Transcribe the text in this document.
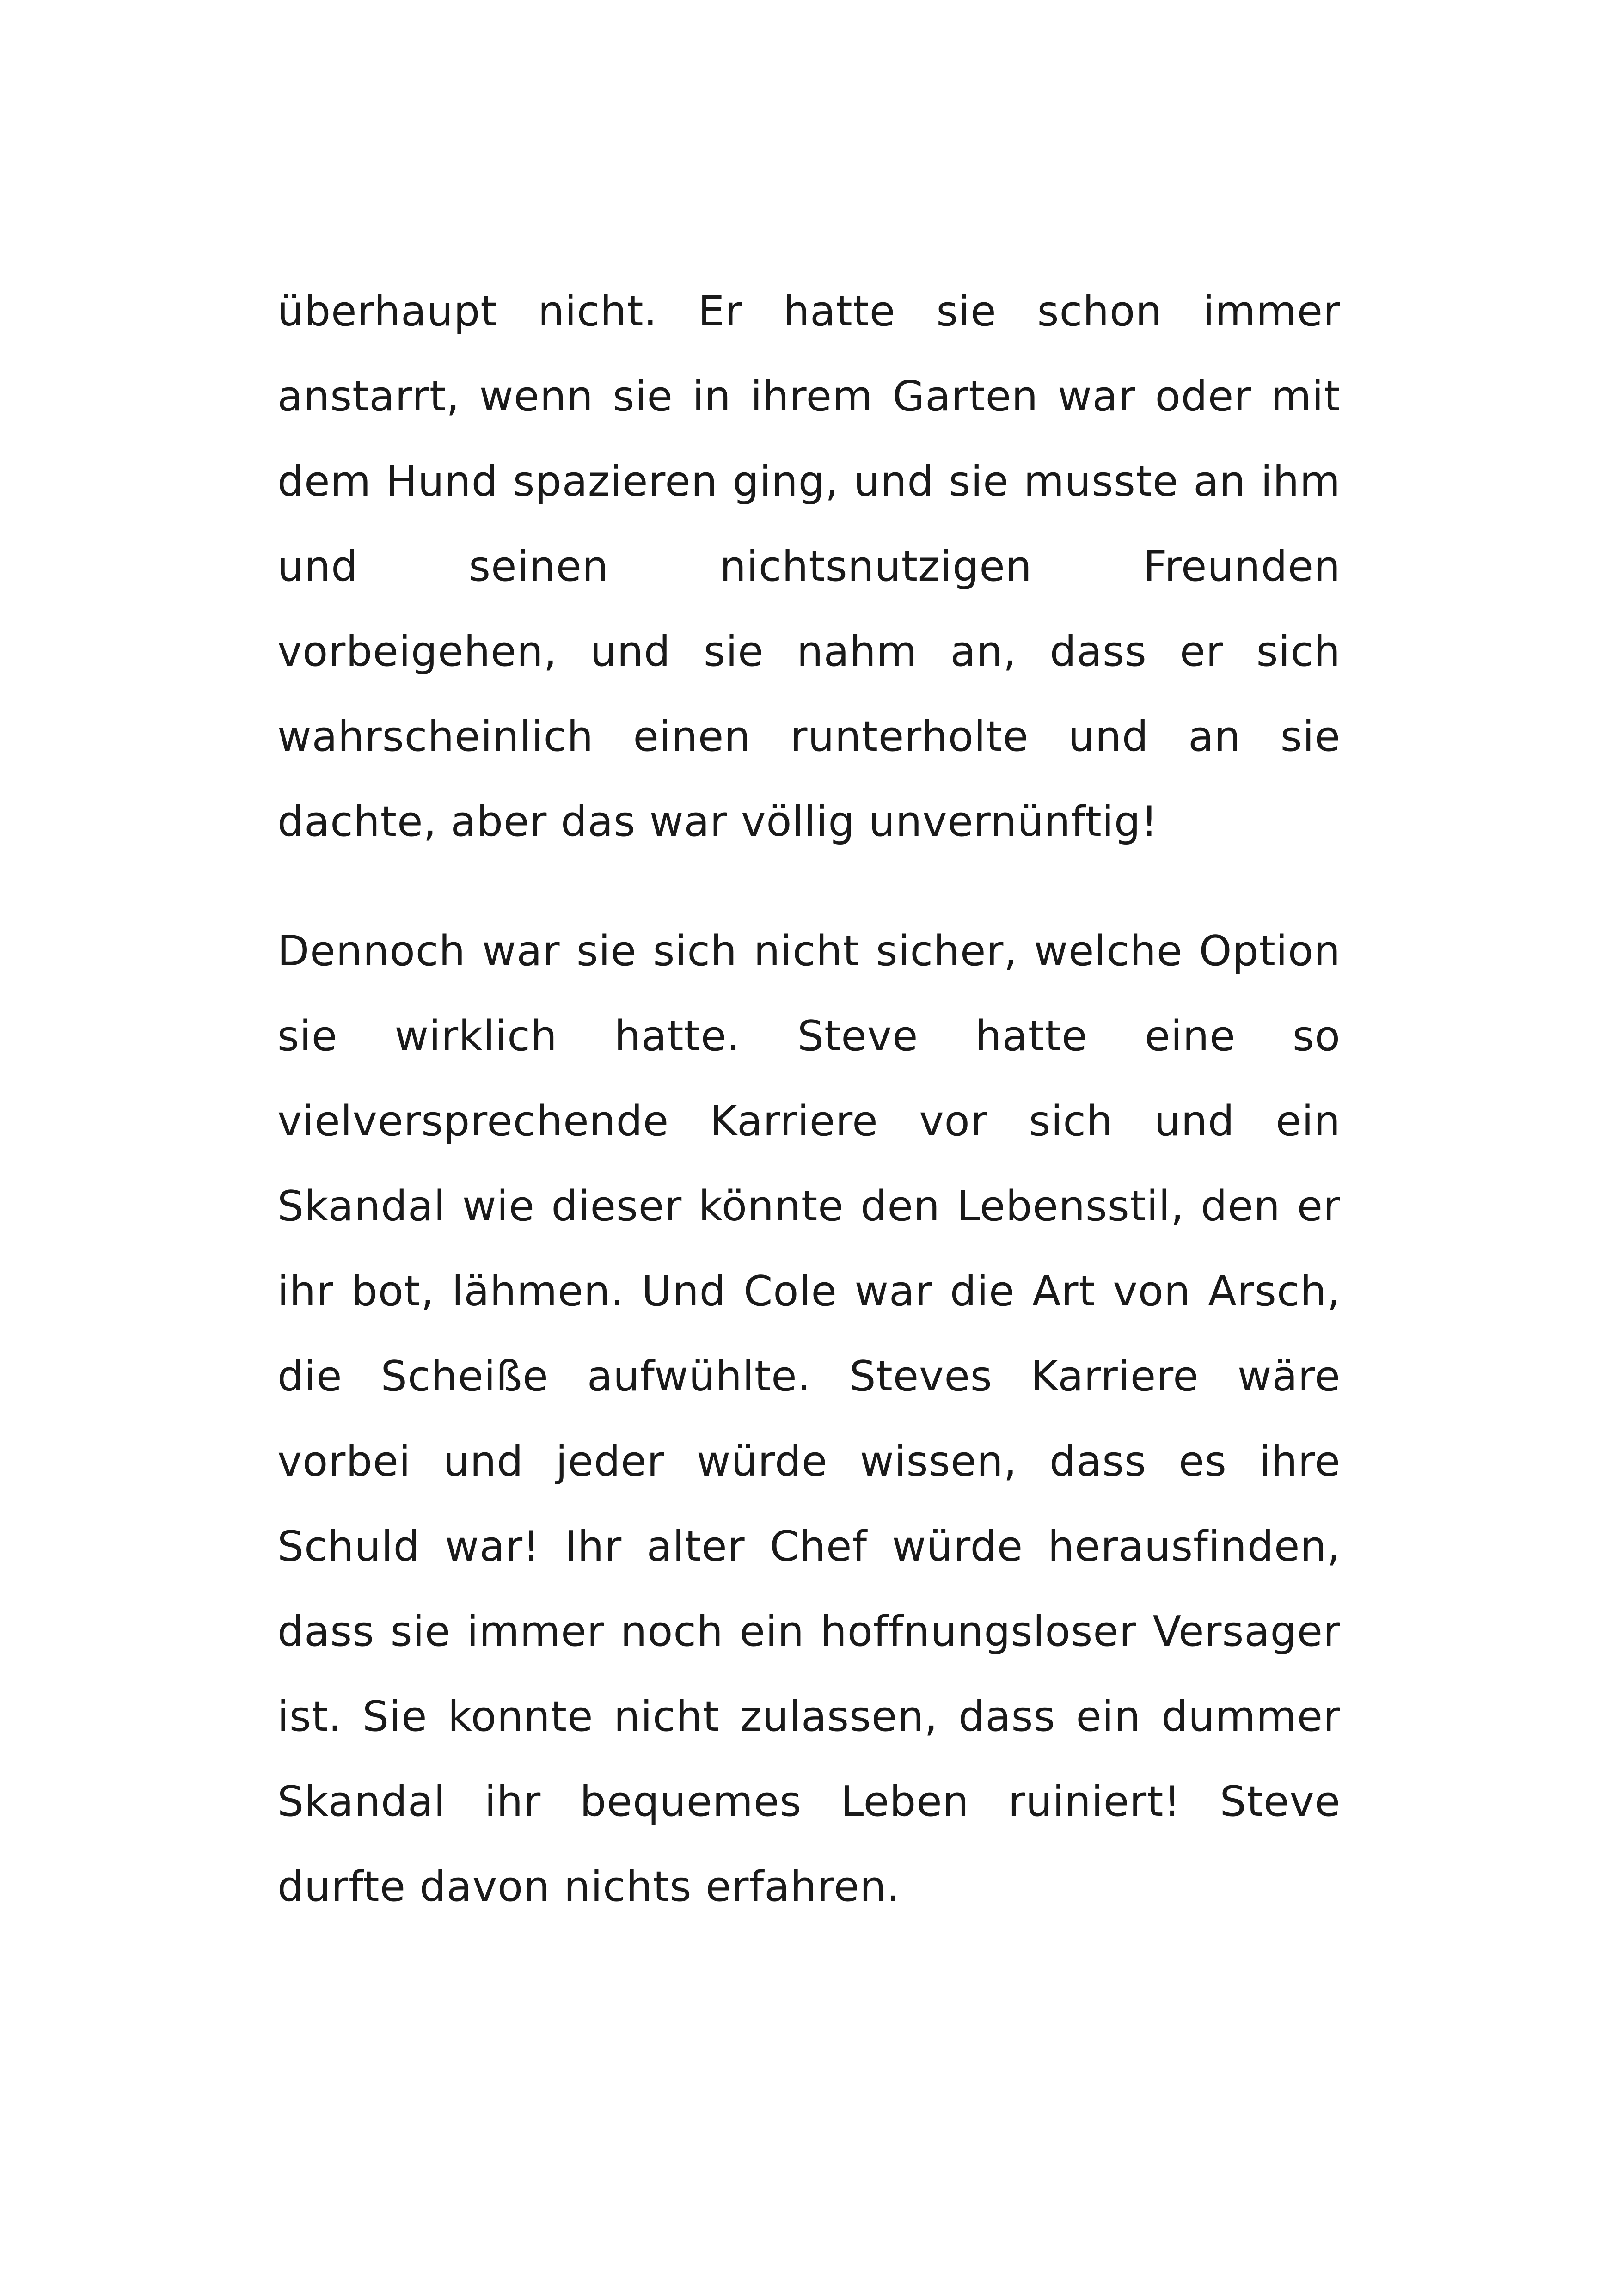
überhaupt nicht. Er hatte sie schon immer anstarrt, wenn sie in ihrem Garten war oder mit dem Hund spazieren ging, und sie musste an ihm und seinen nichtsnutzigen Freunden vorbeigehen, und sie nahm an, dass er sich wahrscheinlich einen runterholte und an sie dachte, aber das war völlig unvernünftig!

Dennoch war sie sich nicht sicher, welche Option sie wirklich hatte. Steve hatte eine so vielversprechende Karriere vor sich und ein Skandal wie dieser könnte den Lebensstil, den er ihr bot, lähmen. Und Cole war die Art von Arsch, die Scheiße aufwühlte. Steves Karriere wäre vorbei und jeder würde wissen, dass es ihre Schuld war! Ihr alter Chef würde herausfinden, dass sie immer noch ein hoffnungsloser Versager ist. Sie konnte nicht zulassen, dass ein dummer Skandal ihr bequemes Leben ruiniert! Steve durfte davon nichts erfahren.
